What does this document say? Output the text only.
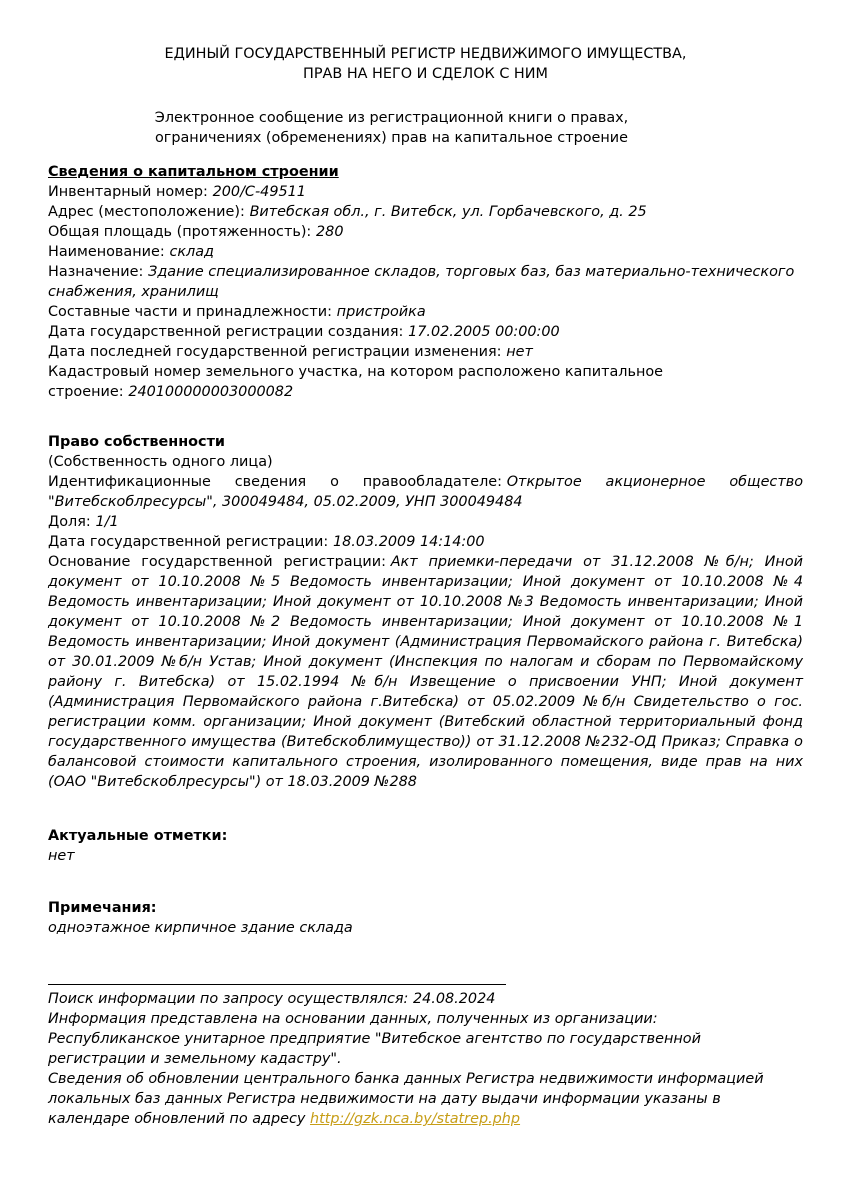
ЕДИНЫЙ ГОСУДАРСТВЕННЫЙ РЕГИСТР НЕДВИЖИМОГО ИМУЩЕСТВА,
ПРАВ НА НЕГО И СДЕЛОК С НИМ
Электронное сообщение из регистрационной книги о правах,
ограничениях (обременениях) прав на капитальное строение
Сведения о капитальном строении

Инвентарный номер: 200/С-49511

Адрес (местоположение): Витебская обл., г. Витебск, ул. Горбачевского, д. 25

Общая площадь (протяженность): 280

Наименование: склад

Назначение: Здание специализированное складов, торговых баз, баз материально-технического снабжения, хранилищ

Составные части и принадлежности: пристройка

Дата государственной регистрации создания: 17.02.2005 00:00:00

Дата последней государственной регистрации изменения: нет

Кадастровый номер земельного участка, на котором расположено капитальное строение: 240100000003000082

Право собственности

(Собственность одного лица)

Идентификационные сведения о правообладателе: Открытое акционерное общество "Витебскоблресурсы", 300049484, 05.02.2009, УНП 300049484

Доля: 1/1

Дата государственной регистрации: 18.03.2009 14:14:00

Основание государственной регистрации: Акт приемки-передачи от 31.12.2008 №б/н; Иной документ от 10.10.2008 №5 Ведомость инвентаризации; Иной документ от 10.10.2008 №4 Ведомость инвентаризации; Иной документ от 10.10.2008 №3 Ведомость инвентаризации; Иной документ от 10.10.2008 №2 Ведомость инвентаризации; Иной документ от 10.10.2008 №1 Ведомость инвентаризации; Иной документ (Администрация Первомайского района г. Витебска) от 30.01.2009 №б/н Устав; Иной документ (Инспекция по налогам и сборам по Первомайскому району г. Витебска) от 15.02.1994 №б/н Извещение о присвоении УНП; Иной документ (Администрация Первомайского района г.Витебска) от 05.02.2009 №б/н Свидетельство о гос. регистрации комм. организации; Иной документ (Витебский областной территориальный фонд государственного имущества (Витебскоблимущество)) от 31.12.2008 №232-ОД Приказ; Справка о балансовой стоимости капитального строения, изолированного помещения, виде прав на них (ОАО "Витебскоблресурсы") от 18.03.2009 №288

Актуальные отметки:

нет

Примечания:

одноэтажное кирпичное здание склада

Поиск информации по запросу осуществлялся: 24.08.2024

Информация представлена на основании данных, полученных из организации:

Республиканское унитарное предприятие "Витебское агентство по государственной регистрации и земельному кадастру".

Сведения об обновлении центрального банка данных Регистра недвижимости информацией локальных баз данных Регистра недвижимости на дату выдачи информации указаны в календаре обновлений по адресу http://gzk.nca.by/statrep.php
